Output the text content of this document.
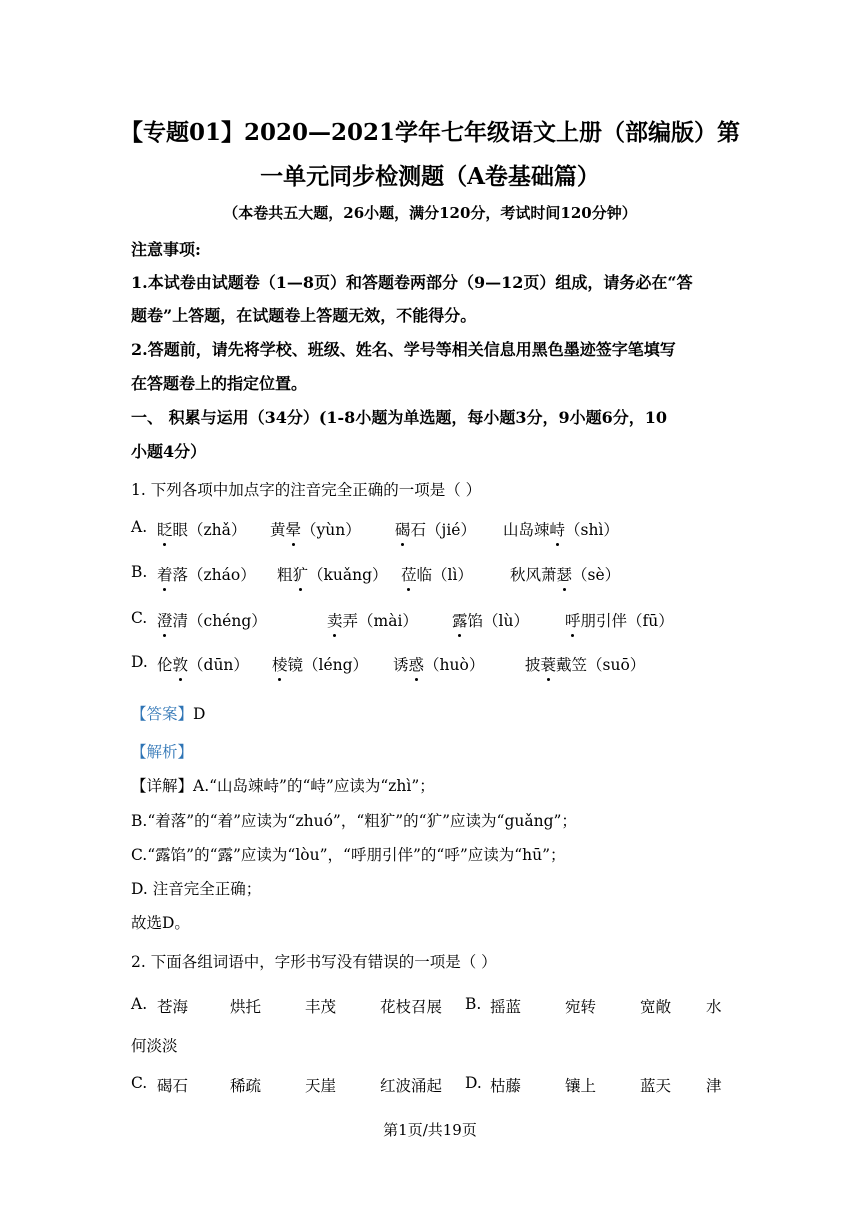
【专题01】2020—2021学年七年级语文上册（部编版）第
一单元同步检测题（A卷基础篇）
（本卷共五大题，26小题，满分120分，考试时间120分钟）
注意事项:
1.本试卷由试题卷（1—8页）和答题卷两部分（9—12页）组成，请务必在“答
题卷”上答题，在试题卷上答题无效，不能得分。
2.答题前，请先将学校、班级、姓名、学号等相关信息用黑色墨迹签字笔填写
在答题卷上的指定位置。
一、 积累与运用（34分）(1-8小题为单选题，每小题3分，9小题6分，10
小题4分）
1. 下列各项中加点字的注音完全正确的一项是（ ）
A. 眨眼（zhǎ） 黄晕（yùn） 碣石（jié） 山岛竦峙（shì）
B. 着落（zháo） 粗犷（kuǎng） 莅临（lì） 秋风萧瑟（sè）
C. 澄清（chéng）	卖弄（mài） 露馅（lù） 呼朋引伴（fū）
D. 伦敦（dūn） 棱镜（léng） 诱惑（huò）	披蓑戴笠（suō）
【答案】D
【解析】
【详解】A.“山岛竦峙”的“峙”应读为“zhì”；
B.“着落”的“着”应读为“zhuó”，“粗犷”的“犷”应读为“guǎng”；
C.“露馅”的“露”应读为“lòu”，“呼朋引伴”的“呼”应读为“hū”；
D. 注音完全正确；
故选D。
2. 下面各组词语中，字形书写没有错误的一项是（ ）
A. 苍海	烘托	丰茂	花枝召展 B. 摇蓝	宛转	宽敞 水
何淡淡
C. 碣石	稀疏	天崖	红波涌起 D. 枯藤	镶上	蓝天 津
第1页/共19页
